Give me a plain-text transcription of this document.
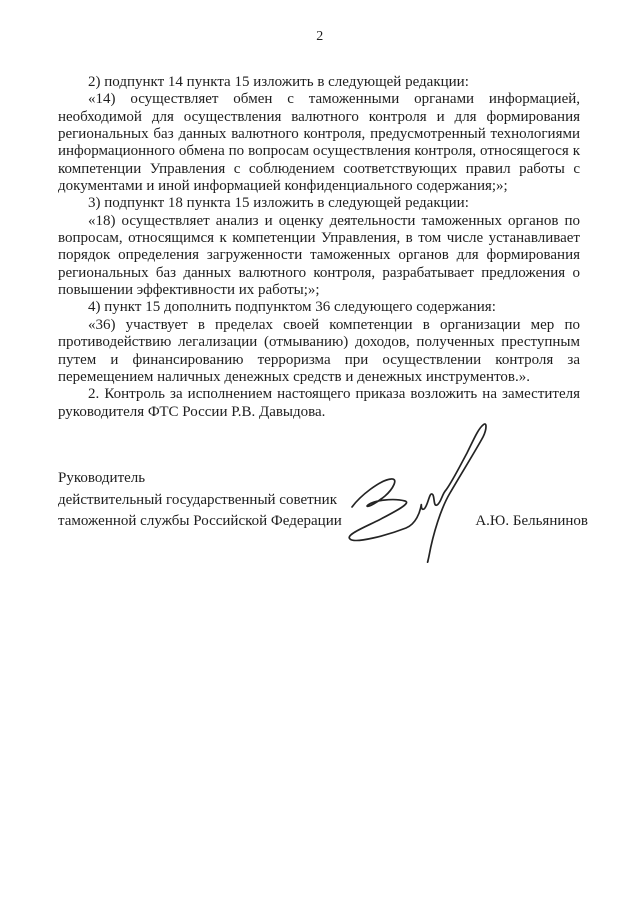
2
2) подпункт 14 пункта 15 изложить в следующей редакции:
«14) осуществляет обмен с таможенными органами информацией,
необходимой для осуществления валютного контроля и для формирования
региональных баз данных валютного контроля, предусмотренный технологиями
информационного обмена по вопросам осуществления контроля, относящегося к
компетенции Управления с соблюдением соответствующих правил работы с
документами и иной информацией конфиденциального содержания;»;
3) подпункт 18 пункта 15 изложить в следующей редакции:
«18) осуществляет анализ и оценку деятельности таможенных органов по
вопросам, относящимся к компетенции Управления, в том числе устанавливает
порядок определения загруженности таможенных органов для формирования
региональных баз данных валютного контроля, разрабатывает предложения о
повышении эффективности их работы;»;
4) пункт 15 дополнить подпунктом 36 следующего содержания:
«36) участвует в пределах своей компетенции в организации мер по
противодействию легализации (отмыванию) доходов, полученных преступным
путем и финансированию терроризма при осуществлении контроля за
перемещением наличных денежных средств и денежных инструментов.».
2. Контроль за исполнением настоящего приказа возложить на заместителя
руководителя ФТС России Р.В. Давыдова.
Руководитель
действительный государственный советник
таможенной службы Российской Федерации	А.Ю. Бельянинов
